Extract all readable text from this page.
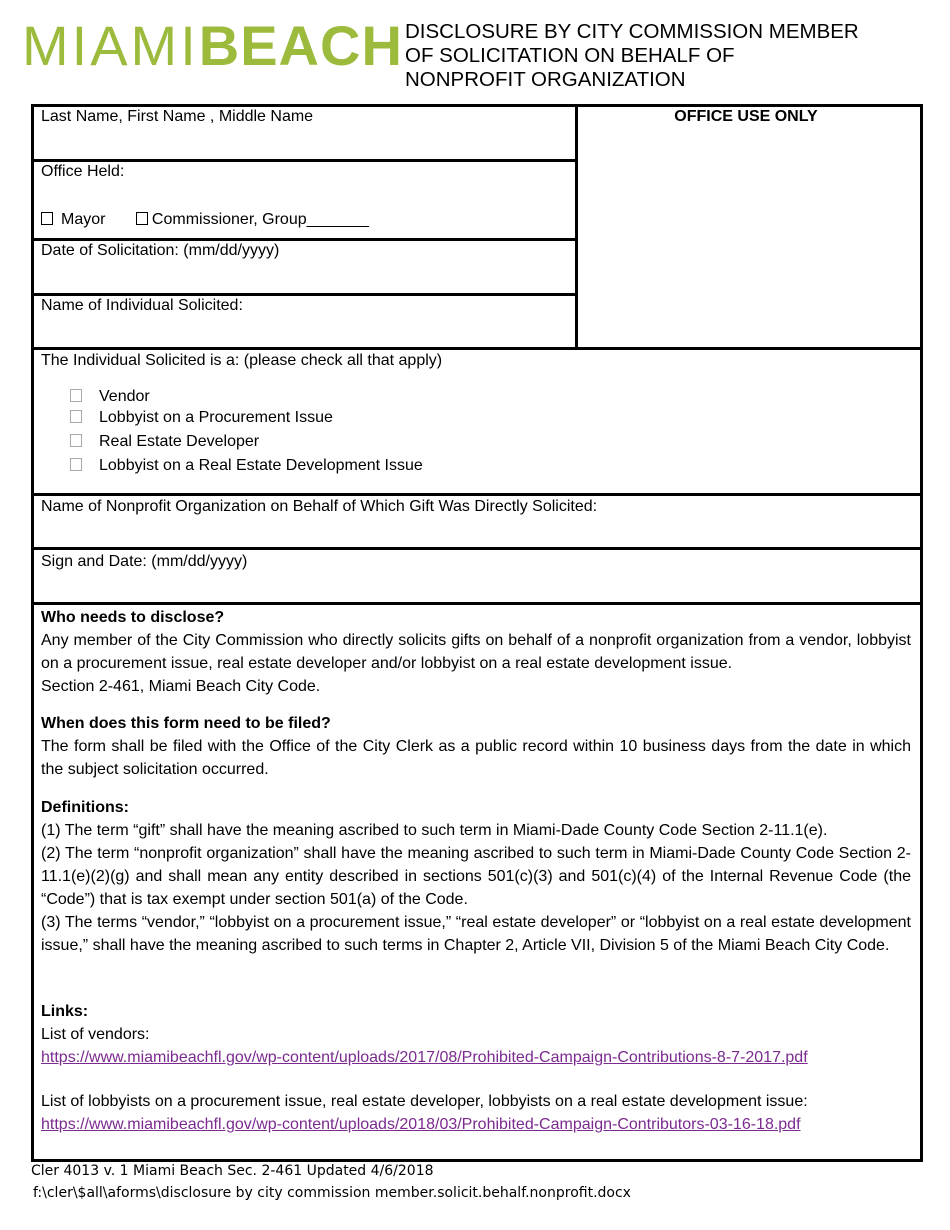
MIAMIBEACH DISCLOSURE BY CITY COMMISSION MEMBER
OF SOLICITATION ON BEHALF OF
NONPROFIT ORGANIZATION
Last Name, First Name , Middle Name	OFFICE USE ONLY
Office Held:
Mayor	Commissioner, Group_______
Date of Solicitation: (mm/dd/yyyy)
Name of Individual Solicited:
The Individual Solicited is a: (please check all that apply)
Vendor
Lobbyist on a Procurement Issue
Real Estate Developer
Lobbyist on a Real Estate Development Issue
Name of Nonprofit Organization on Behalf of Which Gift Was Directly Solicited:
Sign and Date: (mm/dd/yyyy)

Who needs to disclose?

Any member of the City Commission who directly solicits gifts on behalf of a nonprofit organization from a vendor, lobbyist on a procurement issue, real estate developer and/or lobbyist on a real estate development issue.

Section 2-461, Miami Beach City Code.

When does this form need to be filed?

The form shall be filed with the Office of the City Clerk as a public record within 10 business days from the date in which the subject solicitation occurred.

Definitions:

(1) The term “gift” shall have the meaning ascribed to such term in Miami-Dade County Code Section 2-11.1(e).

(2) The term “nonprofit organization” shall have the meaning ascribed to such term in Miami-Dade County Code Section 2-11.1(e)(2)(g) and shall mean any entity described in sections 501(c)(3) and 501(c)(4) of the Internal Revenue Code (the “Code”) that is tax exempt under section 501(a) of the Code.

(3) The terms “vendor,” “lobbyist on a procurement issue,” “real estate developer” or “lobbyist on a real estate development issue,” shall have the meaning ascribed to such terms in Chapter 2, Article VII, Division 5 of the Miami Beach City Code.

Links:

List of vendors:

https://www.miamibeachfl.gov/wp-content/uploads/2017/08/Prohibited-Campaign-Contributions-8-7-2017.pdf

List of lobbyists on a procurement issue, real estate developer, lobbyists on a real estate development issue:

https://www.miamibeachfl.gov/wp-content/uploads/2018/03/Prohibited-Campaign-Contributors-03-16-18.pdf

Cler 4013 v. 1 Miami Beach Sec. 2-461 Updated 4/6/2018
f:\cler\$all\aforms\disclosure by city commission member.solicit.behalf.nonprofit.docx
